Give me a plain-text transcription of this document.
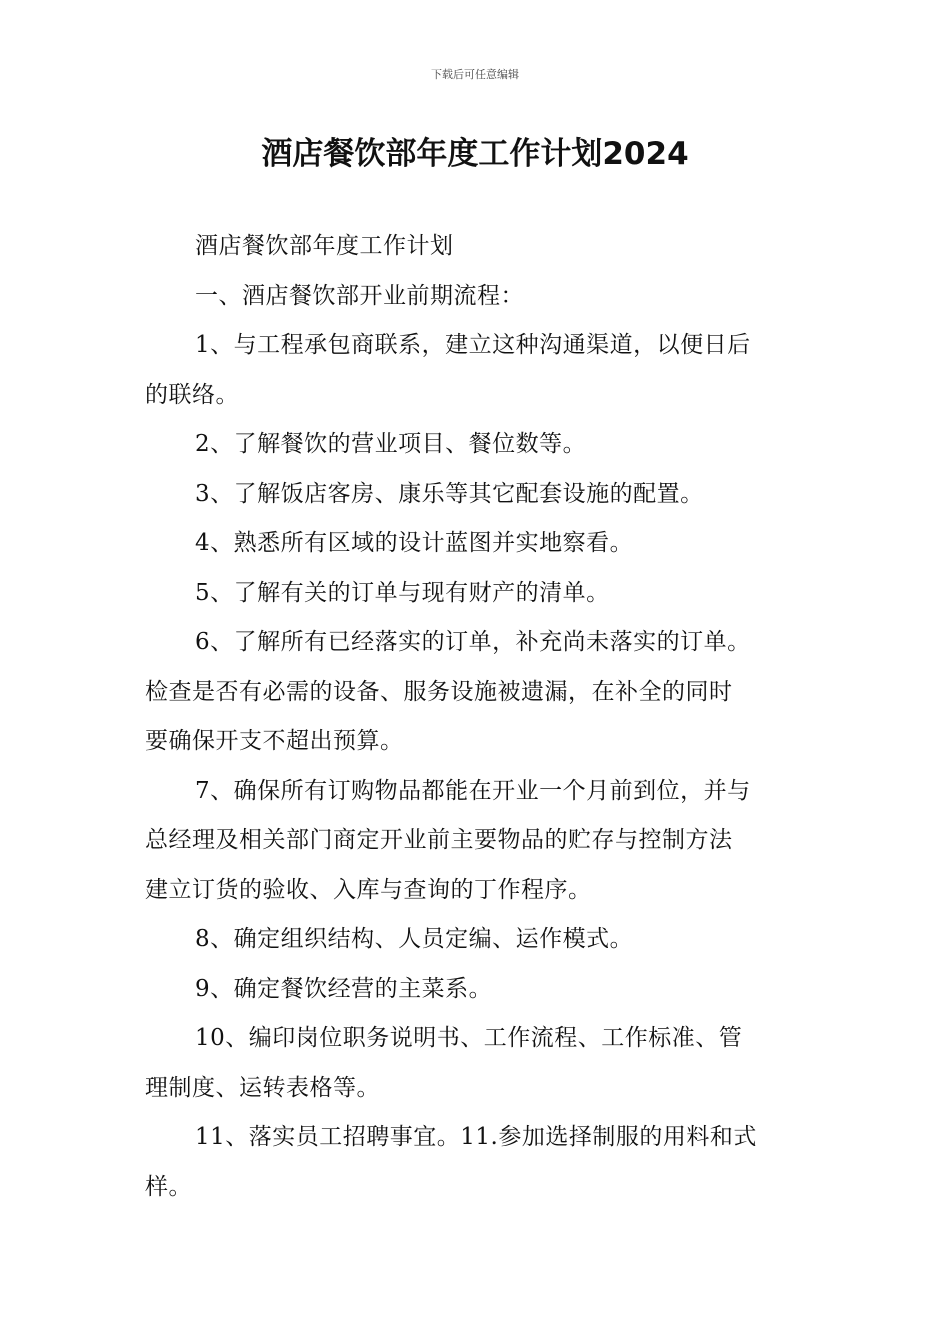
下载后可任意编辑
酒店餐饮部年度工作计划2024
酒店餐饮部年度工作计划
一、酒店餐饮部开业前期流程：
1、与工程承包商联系，建立这种沟通渠道，以便日后
的联络。
2、了解餐饮的营业项目、餐位数等。
3、了解饭店客房、康乐等其它配套设施的配置。
4、熟悉所有区域的设计蓝图并实地察看。
5、了解有关的订单与现有财产的清单。
6、了解所有已经落实的订单，补充尚未落实的订单。
检查是否有必需的设备、服务设施被遗漏，在补全的同时
要确保开支不超出预算。
7、确保所有订购物品都能在开业一个月前到位，并与
总经理及相关部门商定开业前主要物品的贮存与控制方法
建立订货的验收、入库与查询的丁作程序。
8、确定组织结构、人员定编、运作模式。
9、确定餐饮经营的主菜系。
10、编印岗位职务说明书、工作流程、工作标准、管
理制度、运转表格等。
11、落实员工招聘事宜。11.参加选择制服的用料和式
样。
